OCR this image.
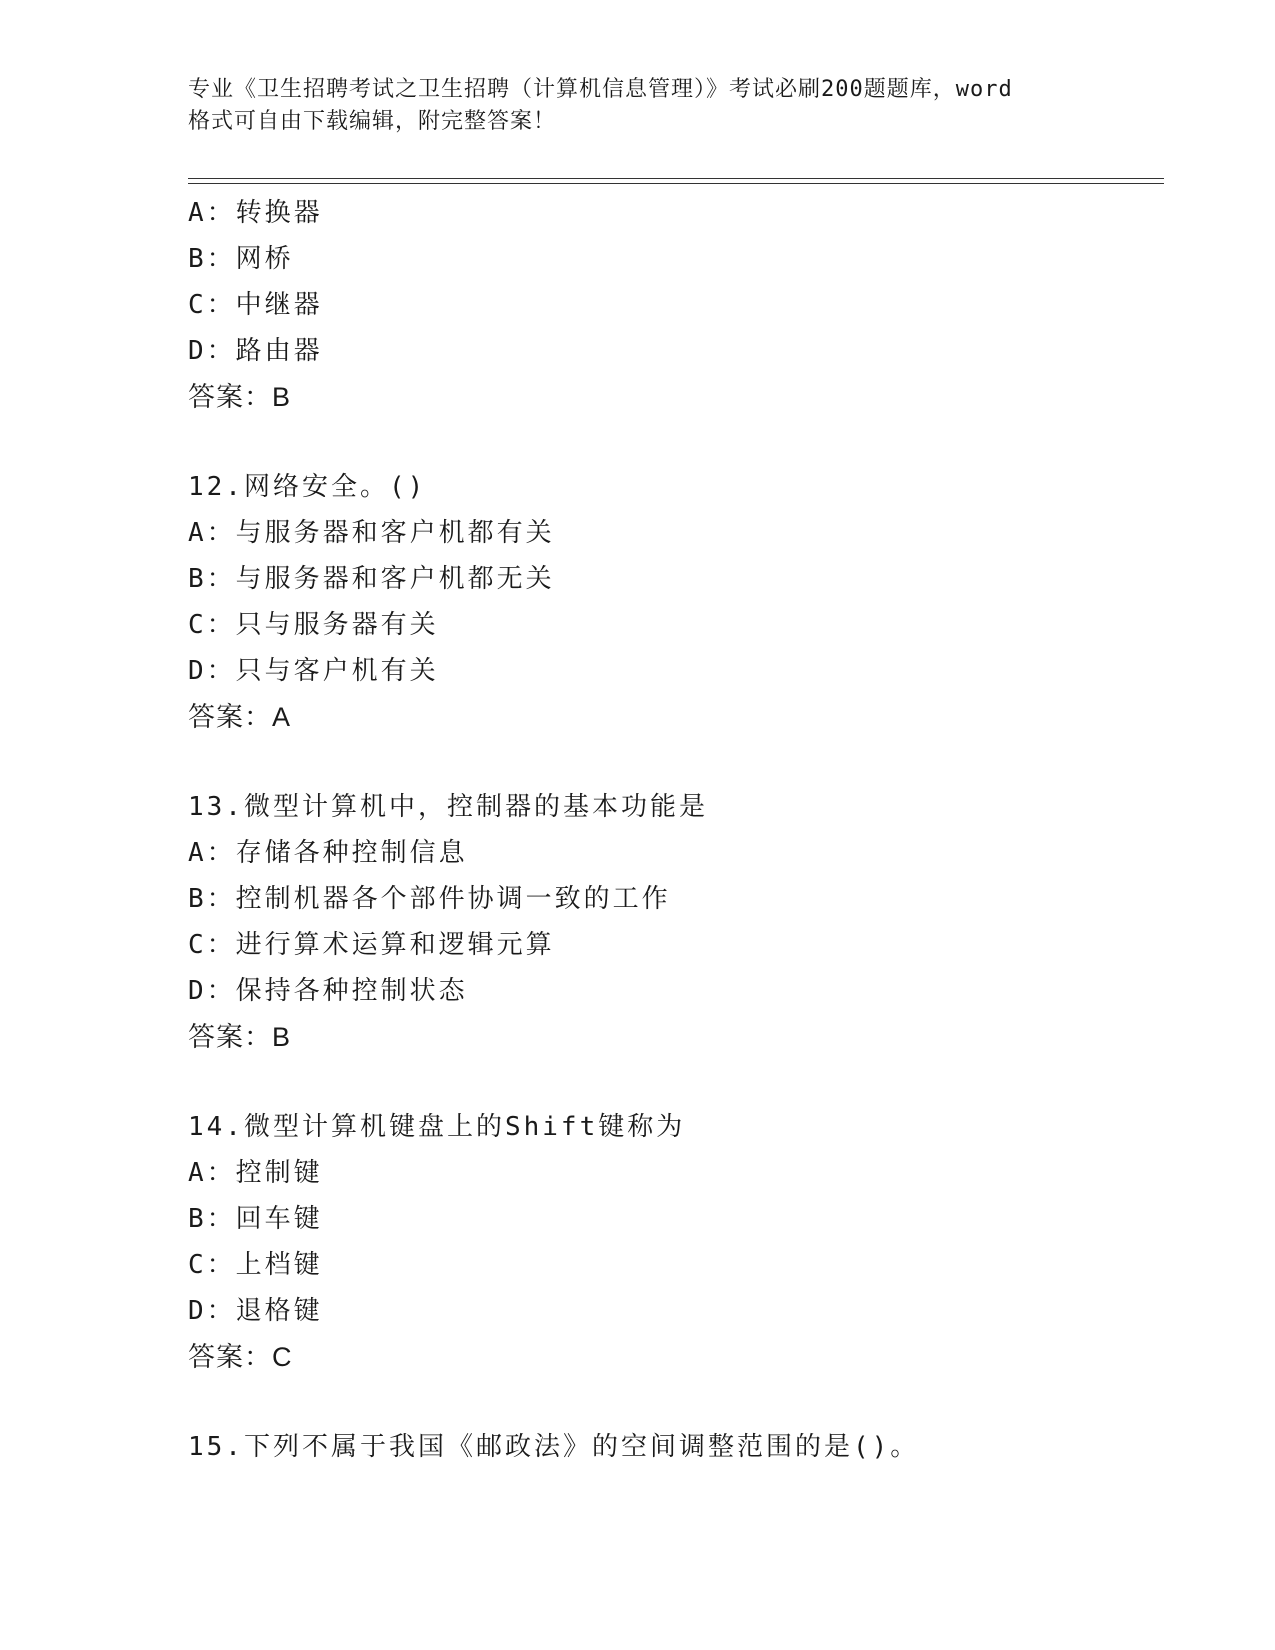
专业《卫生招聘考试之卫生招聘（计算机信息管理）》考试必刷200题题库，word
格式可自由下载编辑，附完整答案！
A：转换器
B：网桥
C：中继器
D：路由器
答案：B
12.网络安全。()
A：与服务器和客户机都有关
B：与服务器和客户机都无关
C：只与服务器有关
D：只与客户机有关
答案：A
13.微型计算机中，控制器的基本功能是
A：存储各种控制信息
B：控制机器各个部件协调一致的工作
C：进行算术运算和逻辑元算
D：保持各种控制状态
答案：B
14.微型计算机键盘上的Shift键称为
A：控制键
B：回车键
C：上档键
D：退格键
答案：C
15.下列不属于我国《邮政法》的空间调整范围的是()。
